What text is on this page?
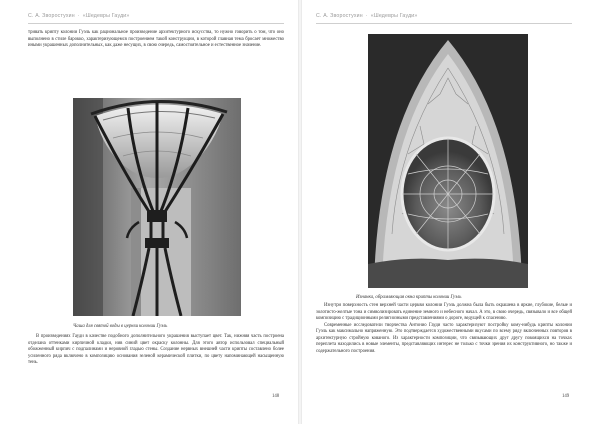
С. А. Зворостухин · «Шедевры Гауди»

тривать крипту колонии Гуэль как рациональное произведение архитектурного искусства, то нужно говорить о том, что оно выполнено в стиле барокко, характеризующемся построением такой конструкции, в которой главная тема бросает множество иными украшенных дополнительных, как даже несущих, в свою очередь, самостоятельное и естественное значение.

Чаша для святой воды в церкви колонии Гуэль

В произведениях Гауди в качестве подобного дополнительного украшения выступает цвет. Так, нижняя часть построена отделана оттенками кирпичной кладки, нив синий цвет окраску колонны. Для этого автор использовал специальный обожженный кирпич с подпалинами и неровной гладью стены. Создание нервных внешней части крипты составлено более усиленного ряда включено в композицию основания зеленой керамической плитки, по цвету напоминающей насыщенную тень.

148
С. А. Зворостухин · «Шедевры Гауди»
Изнанка, обрамляющая окна крипты колонии Гуэль

Изнутри поверхность стен верхней части церкви колонии Гуэль должна была быть окрашена в яркие, глубокие, белые и золотисто-желтые тона и символизировать единение земного и небесного начал. А это, в свою очередь, связывало и все общей композицию с традиционными религиозными представлениями о дороге, ведущей к спасению.

Современные исследователи творчества Антонио Гауди часто характеризуют постройку кому-нибудь крипты колонии Гуэль как максимально напряженную. Это подтверждается художественными вкусами по всему ряду включенных повторов в архитектурную стройную кованого. Из характерности композиции, что связывающих друг другу покоящихся на точках переплета находились в новые элементы, представляющих интерес не только с точки зрения их конструктивного, но также и содержательного построения.

149
